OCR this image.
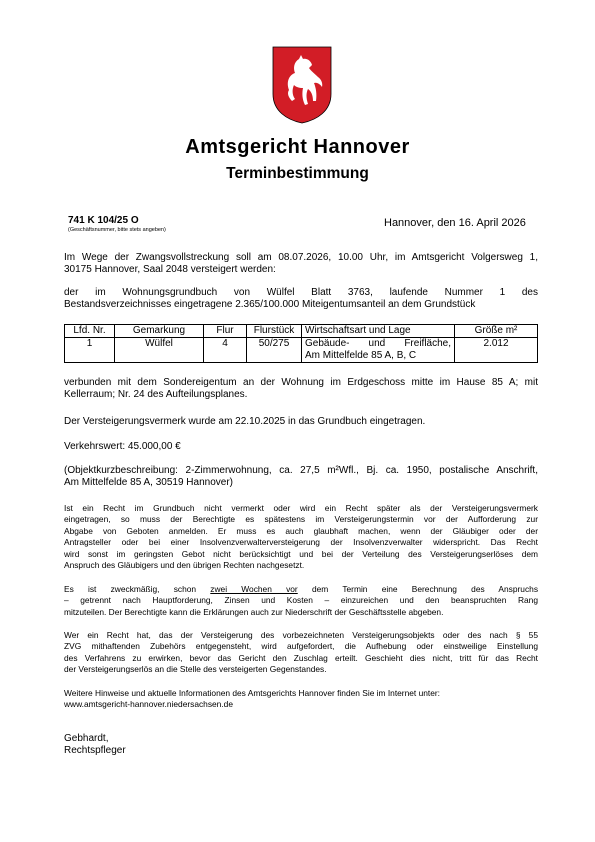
Amtsgericht Hannover
Terminbestimmung
741 K 104/25 O
(Geschäftsnummer, bitte stets angeben)
Hannover, den 16. April 2026
Im Wege der Zwangsvollstreckung soll am 08.07.2026, 10.00 Uhr, im Amtsgericht Volgersweg 1,
30175 Hannover, Saal 2048 versteigert werden:
der im Wohnungsgrundbuch von Wülfel Blatt 3763, laufende Nummer 1 des
Bestandsverzeichnisses eingetragene 2.365/100.000 Miteigentumsanteil an dem Grundstück
Lfd. Nr.	Gemarkung	Flur	Flurstück	Wirtschaftsart und Lage	Größe m²
1	Wülfel	4	50/275	Gebäude- und Freifläche,
Am Mittelfelde 85 A, B, C	2.012
verbunden mit dem Sondereigentum an der Wohnung im Erdgeschoss mitte im Hause 85 A; mit
Kellerraum; Nr. 24 des Aufteilungsplanes.
Der Versteigerungsvermerk wurde am 22.10.2025 in das Grundbuch eingetragen.
Verkehrswert: 45.000,00 €
(Objektkurzbeschreibung: 2-Zimmerwohnung, ca. 27,5 m²Wfl., Bj. ca. 1950, postalische Anschrift,
Am Mittelfelde 85 A, 30519 Hannover)
Ist ein Recht im Grundbuch nicht vermerkt oder wird ein Recht später als der Versteigerungsvermerk
eingetragen, so muss der Berechtigte es spätestens im Versteigerungstermin vor der Aufforderung zur
Abgabe von Geboten anmelden. Er muss es auch glaubhaft machen, wenn der Gläubiger oder der
Antragsteller oder bei einer Insolvenzverwalterversteigerung der Insolvenzverwalter widerspricht. Das Recht
wird sonst im geringsten Gebot nicht berücksichtigt und bei der Verteilung des Versteigerungserlöses dem
Anspruch des Gläubigers und den übrigen Rechten nachgesetzt.
Es ist zweckmäßig, schon zwei Wochen vor dem Termin eine Berechnung des Anspruchs
– getrennt nach Hauptforderung, Zinsen und Kosten – einzureichen und den beanspruchten Rang
mitzuteilen. Der Berechtigte kann die Erklärungen auch zur Niederschrift der Geschäftsstelle abgeben.
Wer ein Recht hat, das der Versteigerung des vorbezeichneten Versteigerungsobjekts oder des nach § 55
ZVG mithaftenden Zubehörs entgegensteht, wird aufgefordert, die Aufhebung oder einstweilige Einstellung
des Verfahrens zu erwirken, bevor das Gericht den Zuschlag erteilt. Geschieht dies nicht, tritt für das Recht
der Versteigerungserlös an die Stelle des versteigerten Gegenstandes.
Weitere Hinweise und aktuelle Informationen des Amtsgerichts Hannover finden Sie im Internet unter:
www.amtsgericht-hannover.niedersachsen.de
Gebhardt,
Rechtspfleger
